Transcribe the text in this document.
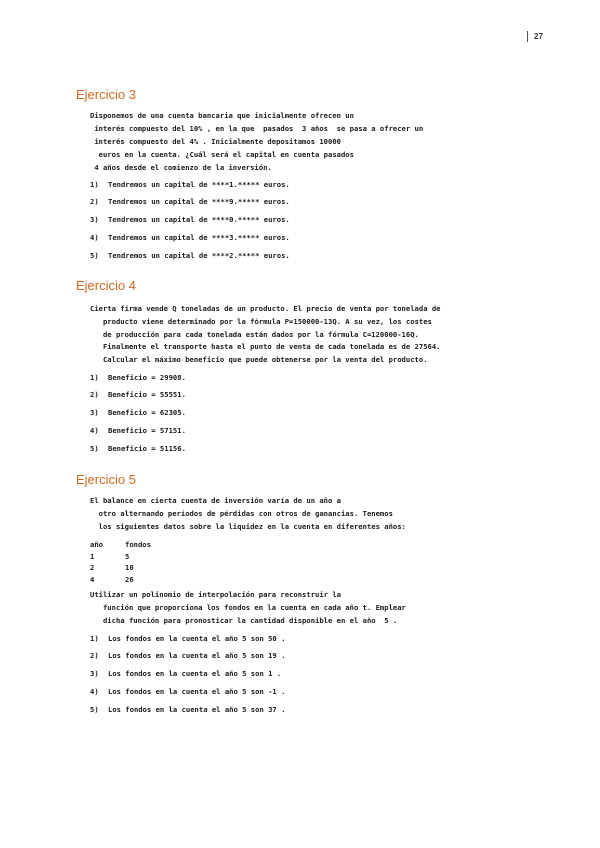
27
Ejercicio 3
Disponemos de una cuenta bancaria que inicialmente ofrecen un
interés compuesto del 10% , en la que  pasados  3 años  se pasa a ofrecer un
interés compuesto del 4% . Inicialmente depositamos 10000
euros en la cuenta. ¿Cuál será el capital en cuenta pasados
4 años desde el comienzo de la inversión.
1) Tendremos un capital de ****1.***** euros.
2) Tendremos un capital de ****9.***** euros.
3) Tendremos un capital de ****0.***** euros.
4) Tendremos un capital de ****3.***** euros.
5) Tendremos un capital de ****2.***** euros.
Ejercicio 4
Cierta firma vende Q toneladas de un producto. El precio de venta por tonelada de
producto viene determinado por la fórmula P=150000-13Q. A su vez, los costes
de producción para cada tonelada están dados por la fórmula C=120000-16Q.
Finalmente el transporte hasta el punto de venta de cada tonelada es de 27564.
Calcular el máximo beneficio que puede obtenerse por la venta del producto.
1) Beneficio = 29908.
2) Beneficio = 55551.
3) Beneficio = 62305.
4) Beneficio = 57151.
5) Beneficio = 51156.
Ejercicio 5
El balance en cierta cuenta de inversión varía de un año a
otro alternando períodos de pérdidas con otros de ganancias. Tenemos
los siguientes datos sobre la liquidez en la cuenta en diferentes años:
año	fondos
1	5
2	10
4	26
Utilizar un polinomio de interpolación para reconstruir la
función que proporciona los fondos en la cuenta en cada año t. Emplear
dicha función para pronosticar la cantidad disponible en el año  5 .
1) Los fondos en la cuenta el año 5 son 50 .
2) Los fondos en la cuenta el año 5 son 19 .
3) Los fondos en la cuenta el año 5 son 1 .
4) Los fondos en la cuenta el año 5 son -1 .
5) Los fondos en la cuenta el año 5 son 37 .
